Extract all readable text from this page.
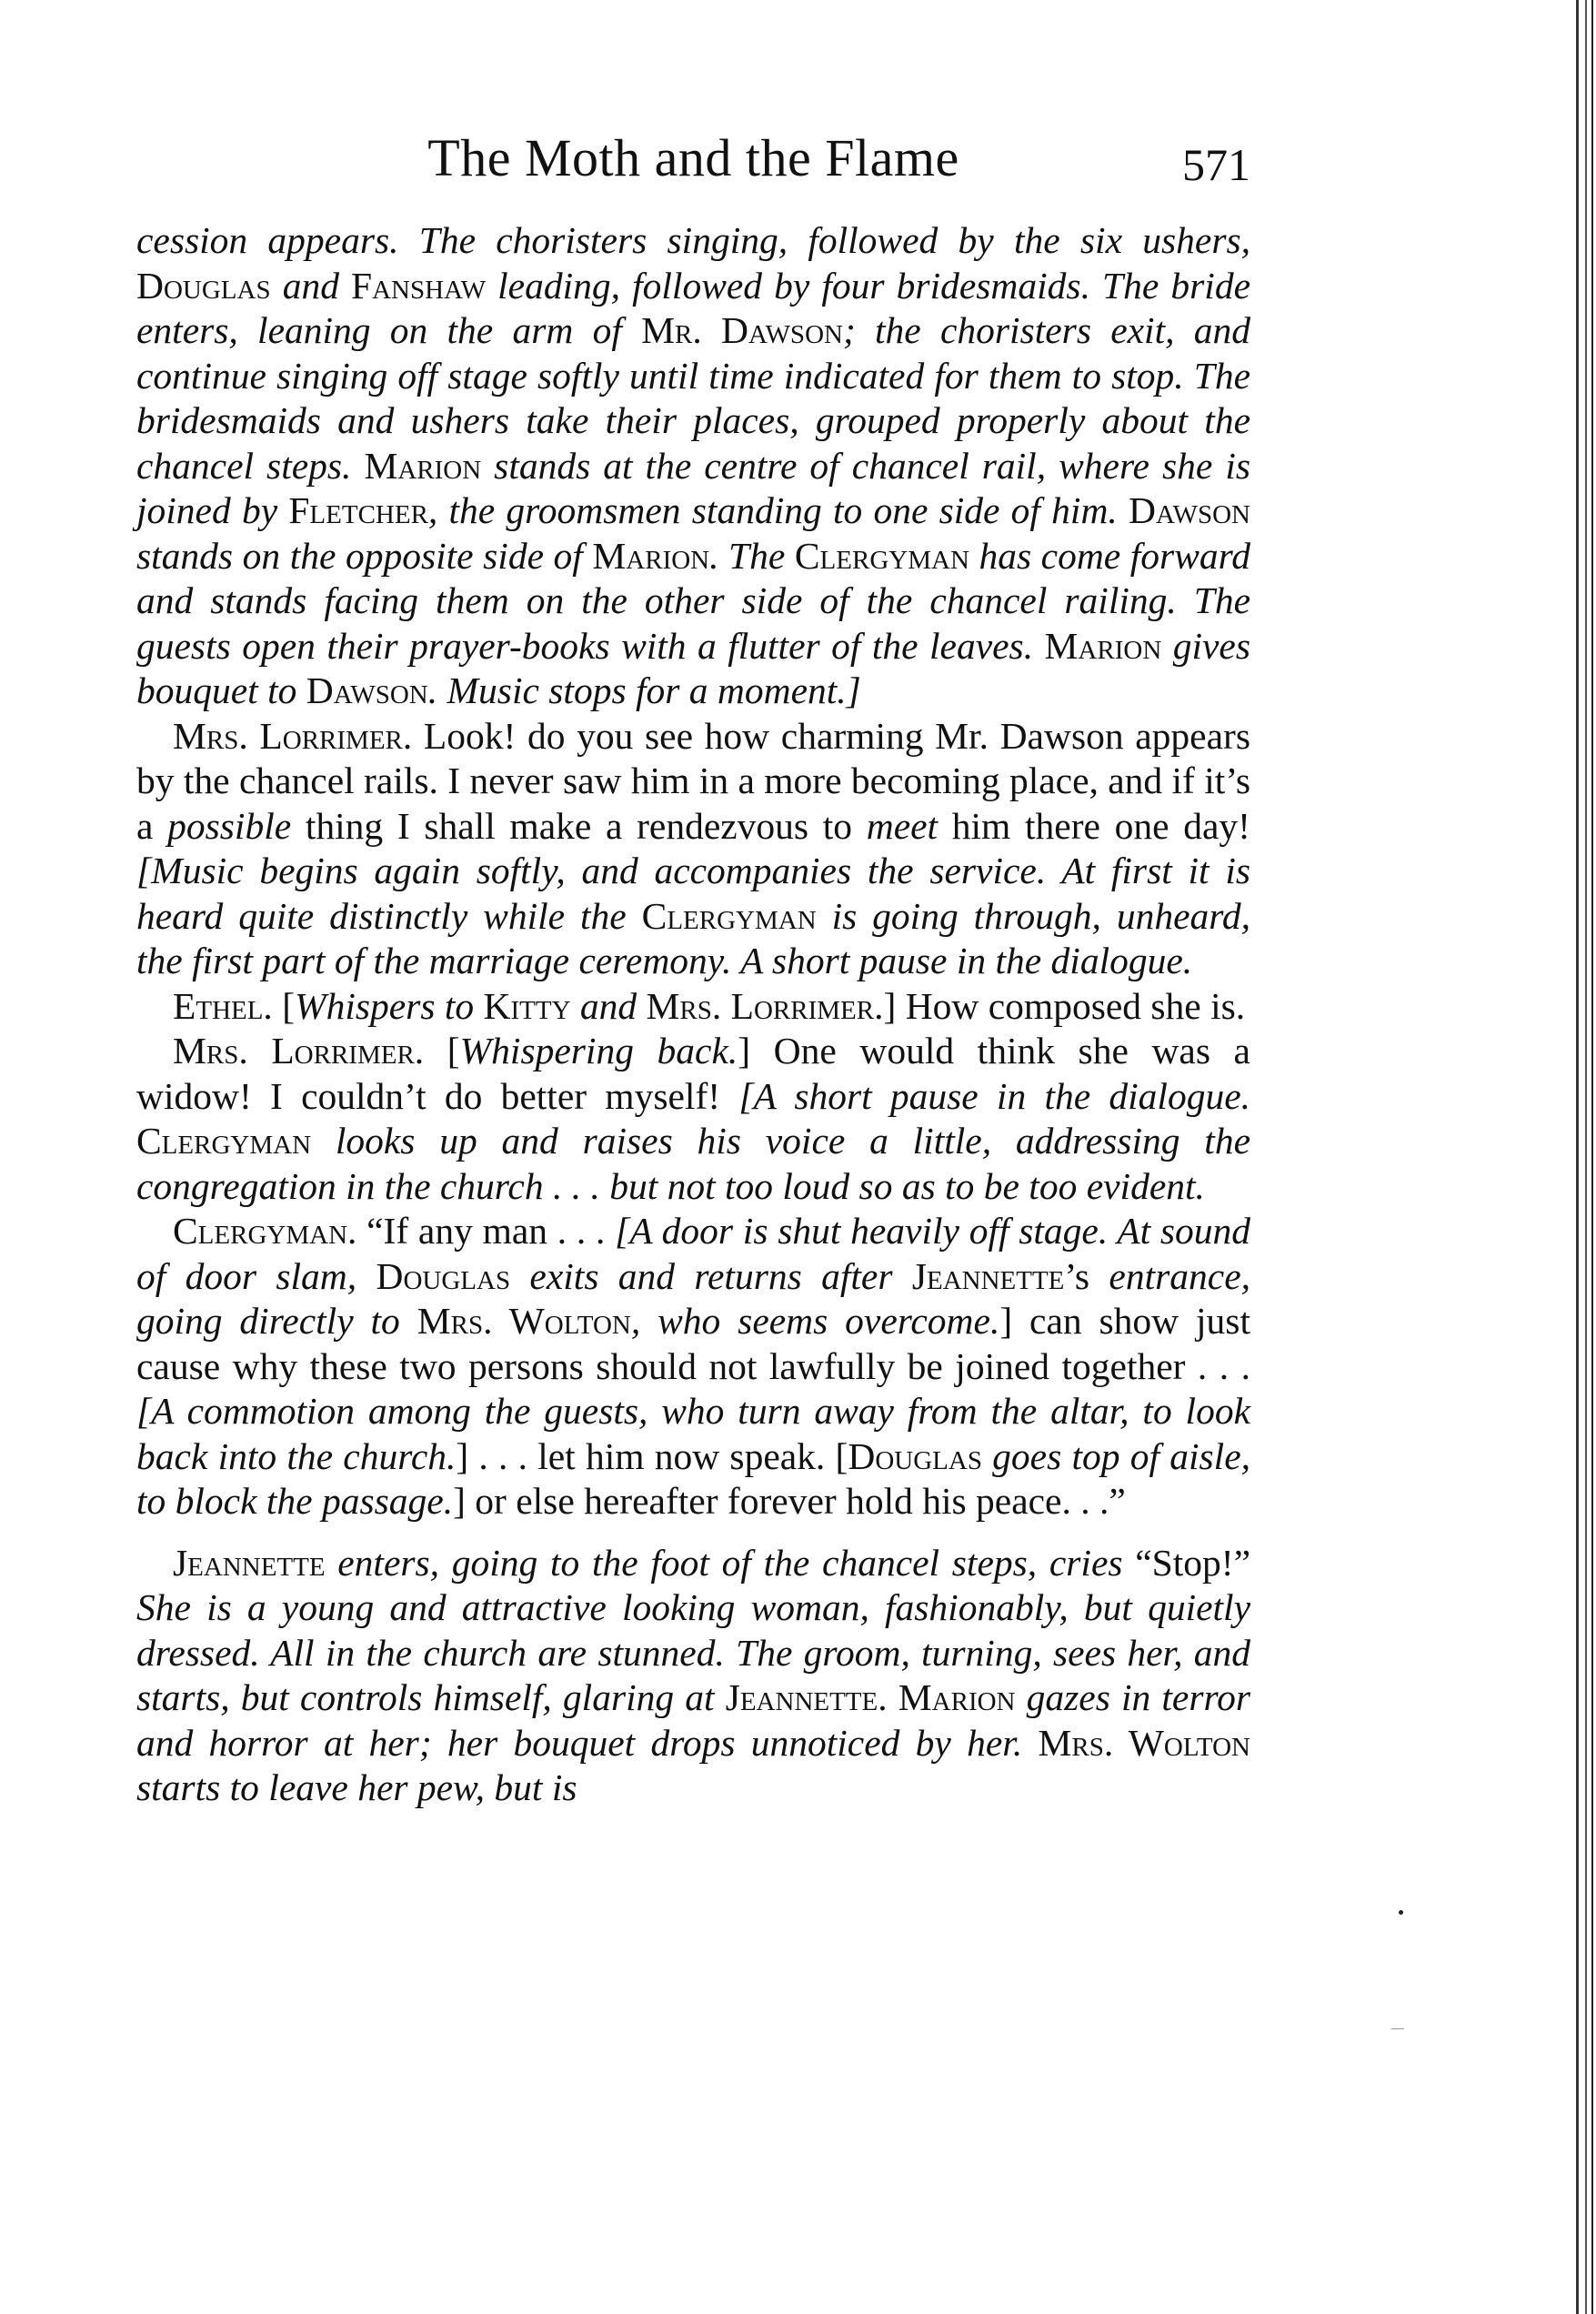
The Moth and the Flame	571

cession appears. The choristers singing, followed by the six ushers, Douglas and Fanshaw leading, followed by four bridesmaids. The bride enters, leaning on the arm of Mr. Dawson; the choristers exit, and continue singing off stage softly until time indicated for them to stop. The bridesmaids and ushers take their places, grouped properly about the chancel steps. Marion stands at the centre of chancel rail, where she is joined by Fletcher, the groomsmen standing to one side of him. Dawson stands on the opposite side of Marion. The Clergyman has come forward and stands facing them on the other side of the chancel railing. The guests open their prayer-books with a flutter of the leaves. Marion gives bouquet to Dawson. Music stops for a moment.]

Mrs. Lorrimer. Look! do you see how charming Mr. Dawson appears by the chancel rails. I never saw him in a more becoming place, and if it’s a possible thing I shall make a rendezvous to meet him there one day! [Music begins again softly, and accompanies the service. At first it is heard quite distinctly while the Clergyman is going through, unheard, the first part of the marriage ceremony. A short pause in the dialogue.

Ethel. [Whispers to Kitty and Mrs. Lorrimer.] How composed she is.

Mrs. Lorrimer. [Whispering back.] One would think she was a widow! I couldn’t do better myself! [A short pause in the dialogue. Clergyman looks up and raises his voice a little, addressing the congregation in the church . . . but not too loud so as to be too evident.

Clergyman. “If any man . . . [A door is shut heavily off stage. At sound of door slam, Douglas exits and returns after Jeannette’s entrance, going directly to Mrs. Wolton, who seems overcome.] can show just cause why these two persons should not lawfully be joined together . . . [A commotion among the guests, who turn away from the altar, to look back into the church.] . . . let him now speak. [Douglas goes top of aisle, to block the passage.] or else hereafter forever hold his peace. . .”

Jeannette enters, going to the foot of the chancel steps, cries “Stop!” She is a young and attractive looking woman, fashionably, but quietly dressed. All in the church are stunned. The groom, turning, sees her, and starts, but controls himself, glaring at Jeannette. Marion gazes in terror and horror at her; her bouquet drops unnoticed by her. Mrs. Wolton starts to leave her pew, but is
